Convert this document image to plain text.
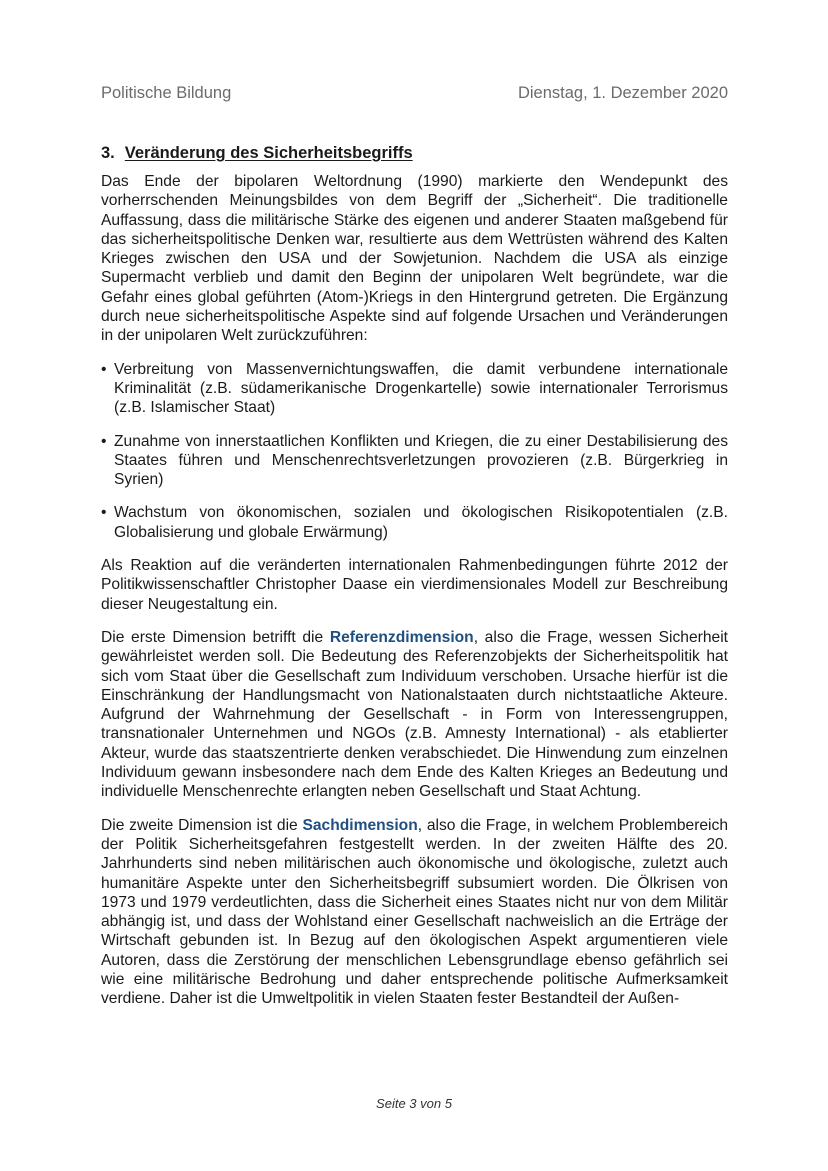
Politische Bildung	Dienstag, 1. Dezember 2020
3. Veränderung des Sicherheitsbegriffs

Das Ende der bipolaren Weltordnung (1990) markierte den Wendepunkt des vorherrschenden Meinungsbildes von dem Begriff der „Sicherheit“. Die traditionelle Auffassung, dass die militärische Stärke des eigenen und anderer Staaten maßgebend für das sicherheitspolitische Denken war, resultierte aus dem Wettrüsten während des Kalten Krieges zwischen den USA und der Sowjetunion. Nachdem die USA als einzige Supermacht verblieb und damit den Beginn der unipolaren Welt begründete, war die Gefahr eines global geführten (Atom-)Kriegs in den Hintergrund getreten. Die Ergänzung durch neue sicherheitspolitische Aspekte sind auf folgende Ursachen und Veränderungen in der unipolaren Welt zurückzuführen:

• Verbreitung von Massenvernichtungswaffen, die damit verbundene internationale Kriminalität (z.B. südamerikanische Drogenkartelle) sowie internationaler Terrorismus (z.B. Islamischer Staat)
• Zunahme von innerstaatlichen Konflikten und Kriegen, die zu einer Destabilisierung des Staates führen und Menschenrechtsverletzungen provozieren (z.B. Bürgerkrieg in Syrien)
• Wachstum von ökonomischen, sozialen und ökologischen Risikopotentialen (z.B. Globalisierung und globale Erwärmung)

Als Reaktion auf die veränderten internationalen Rahmenbedingungen führte 2012 der Politikwissenschaftler Christopher Daase ein vierdimensionales Modell zur Beschreibung dieser Neugestaltung ein.

Die erste Dimension betrifft die Referenzdimension, also die Frage, wessen Sicherheit gewährleistet werden soll. Die Bedeutung des Referenzobjekts der Sicherheitspolitik hat sich vom Staat über die Gesellschaft zum Individuum verschoben. Ursache hierfür ist die Einschränkung der Handlungsmacht von Nationalstaaten durch nichtstaatliche Akteure. Aufgrund der Wahrnehmung der Gesellschaft - in Form von Interessengruppen, transnationaler Unternehmen und NGOs (z.B. Amnesty International) - als etablierter Akteur, wurde das staatszentrierte denken verabschiedet. Die Hinwendung zum einzelnen Individuum gewann insbesondere nach dem Ende des Kalten Krieges an Bedeutung und individuelle Menschenrechte erlangten neben Gesellschaft und Staat Achtung.

Die zweite Dimension ist die Sachdimension, also die Frage, in welchem Problembereich der Politik Sicherheitsgefahren festgestellt werden. In der zweiten Hälfte des 20. Jahrhunderts sind neben militärischen auch ökonomische und ökologische, zuletzt auch humanitäre Aspekte unter den Sicherheitsbegriff subsumiert worden. Die Ölkrisen von 1973 und 1979 verdeutlichten, dass die Sicherheit eines Staates nicht nur von dem Militär abhängig ist, und dass der Wohlstand einer Gesellschaft nachweislich an die Erträge der Wirtschaft gebunden ist. In Bezug auf den ökologischen Aspekt argumentieren viele Autoren, dass die Zerstörung der menschlichen Lebensgrundlage ebenso gefährlich sei wie eine militärische Bedrohung und daher entsprechende politische Aufmerksamkeit verdiene. Daher ist die Umweltpolitik in vielen Staaten fester Bestandteil der Außen-

Seite 3 von 5
